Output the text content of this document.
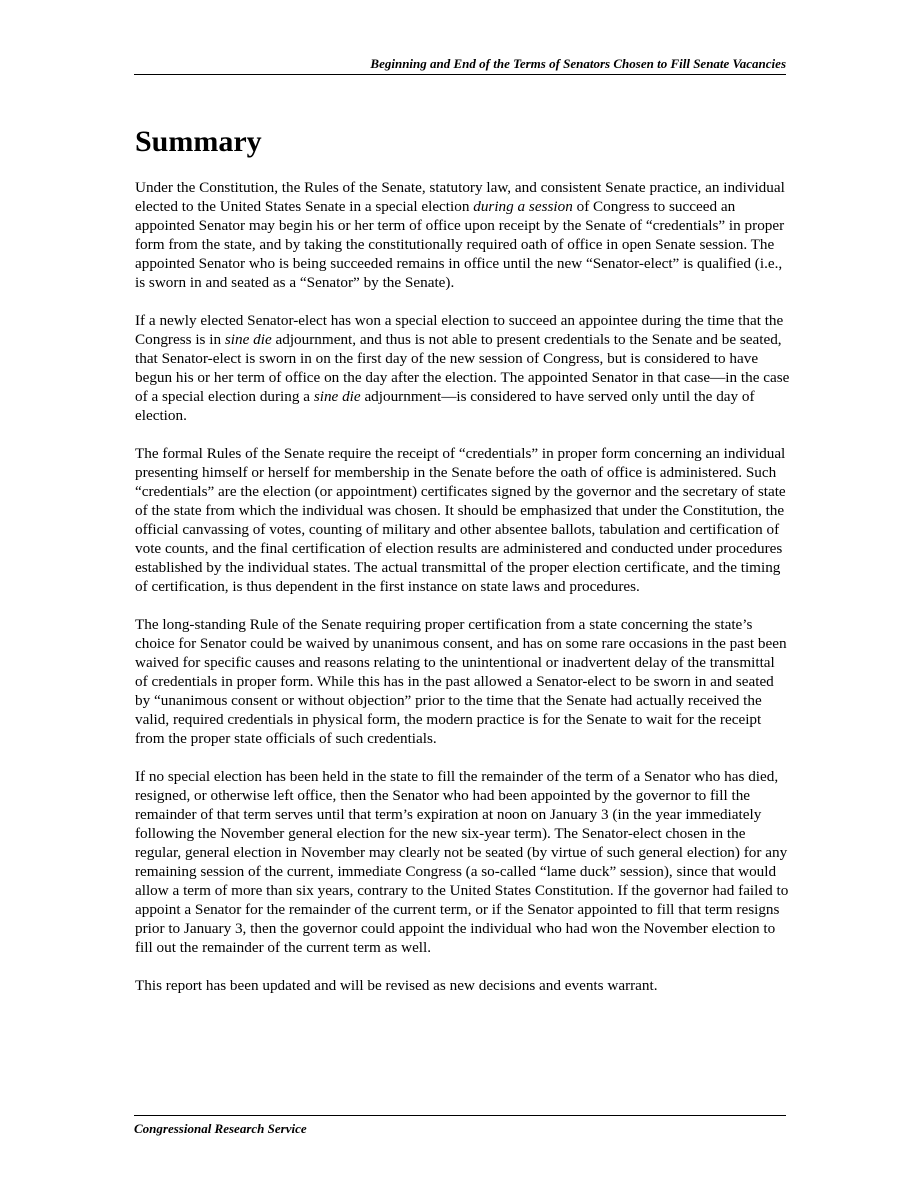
Beginning and End of the Terms of Senators Chosen to Fill Senate Vacancies
Summary

Under the Constitution, the Rules of the Senate, statutory law, and consistent Senate practice, an individual elected to the United States Senate in a special election during a session of Congress to succeed an appointed Senator may begin his or her term of office upon receipt by the Senate of “credentials” in proper form from the state, and by taking the constitutionally required oath of office in open Senate session. The appointed Senator who is being succeeded remains in office until the new “Senator-elect” is qualified (i.e., is sworn in and seated as a “Senator” by the Senate).

If a newly elected Senator-elect has won a special election to succeed an appointee during the time that the Congress is in sine die adjournment, and thus is not able to present credentials to the Senate and be seated, that Senator-elect is sworn in on the first day of the new session of Congress, but is considered to have begun his or her term of office on the day after the election. The appointed Senator in that case—in the case of a special election during a sine die adjournment—is considered to have served only until the day of election.

The formal Rules of the Senate require the receipt of “credentials” in proper form concerning an individual presenting himself or herself for membership in the Senate before the oath of office is administered. Such “credentials” are the election (or appointment) certificates signed by the governor and the secretary of state of the state from which the individual was chosen. It should be emphasized that under the Constitution, the official canvassing of votes, counting of military and other absentee ballots, tabulation and certification of vote counts, and the final certification of election results are administered and conducted under procedures established by the individual states. The actual transmittal of the proper election certificate, and the timing of certification, is thus dependent in the first instance on state laws and procedures.

The long-standing Rule of the Senate requiring proper certification from a state concerning the state’s choice for Senator could be waived by unanimous consent, and has on some rare occasions in the past been waived for specific causes and reasons relating to the unintentional or inadvertent delay of the transmittal of credentials in proper form. While this has in the past allowed a Senator-elect to be sworn in and seated by “unanimous consent or without objection” prior to the time that the Senate had actually received the valid, required credentials in physical form, the modern practice is for the Senate to wait for the receipt from the proper state officials of such credentials.

If no special election has been held in the state to fill the remainder of the term of a Senator who has died, resigned, or otherwise left office, then the Senator who had been appointed by the governor to fill the remainder of that term serves until that term’s expiration at noon on January 3 (in the year immediately following the November general election for the new six-year term). The Senator-elect chosen in the regular, general election in November may clearly not be seated (by virtue of such general election) for any remaining session of the current, immediate Congress (a so-called “lame duck” session), since that would allow a term of more than six years, contrary to the United States Constitution. If the governor had failed to appoint a Senator for the remainder of the current term, or if the Senator appointed to fill that term resigns prior to January 3, then the governor could appoint the individual who had won the November election to fill out the remainder of the current term as well.

This report has been updated and will be revised as new decisions and events warrant.

Congressional Research Service
